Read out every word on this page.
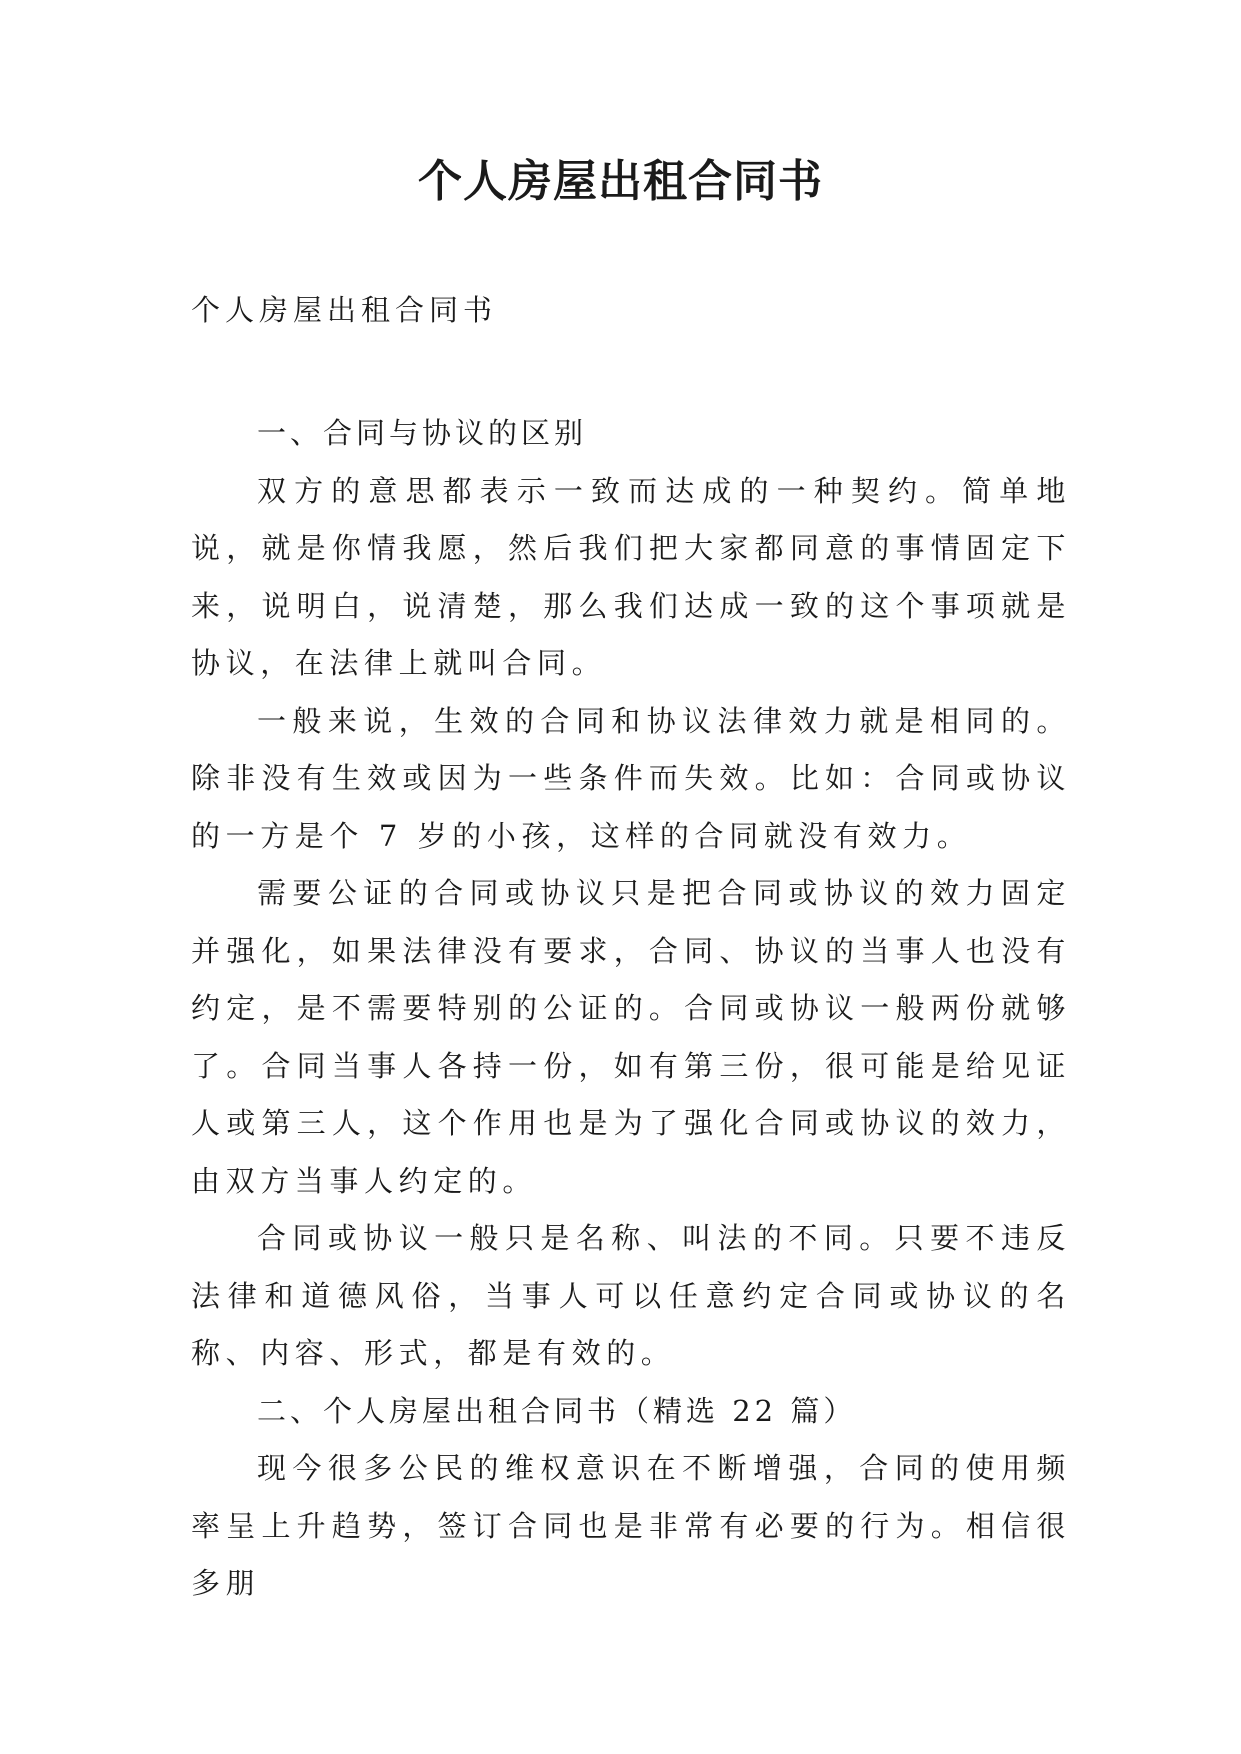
个人房屋出租合同书

个人房屋出租合同书

一、合同与协议的区别

双方的意思都表示一致而达成的一种契约。简单地说，就是你情我愿，然后我们把大家都同意的事情固定下来，说明白，说清楚，那么我们达成一致的这个事项就是协议，在法律上就叫合同。

一般来说，生效的合同和协议法律效力就是相同的。除非没有生效或因为一些条件而失效。比如：合同或协议的一方是个 7 岁的小孩，这样的合同就没有效力。

需要公证的合同或协议只是把合同或协议的效力固定并强化，如果法律没有要求，合同、协议的当事人也没有约定，是不需要特别的公证的。合同或协议一般两份就够了。合同当事人各持一份，如有第三份，很可能是给见证人或第三人，这个作用也是为了强化合同或协议的效力，由双方当事人约定的。

合同或协议一般只是名称、叫法的不同。只要不违反法律和道德风俗，当事人可以任意约定合同或协议的名称、内容、形式，都是有效的。

二、个人房屋出租合同书（精选 22 篇）

现今很多公民的维权意识在不断增强，合同的使用频率呈上升趋势，签订合同也是非常有必要的行为。相信很多朋
